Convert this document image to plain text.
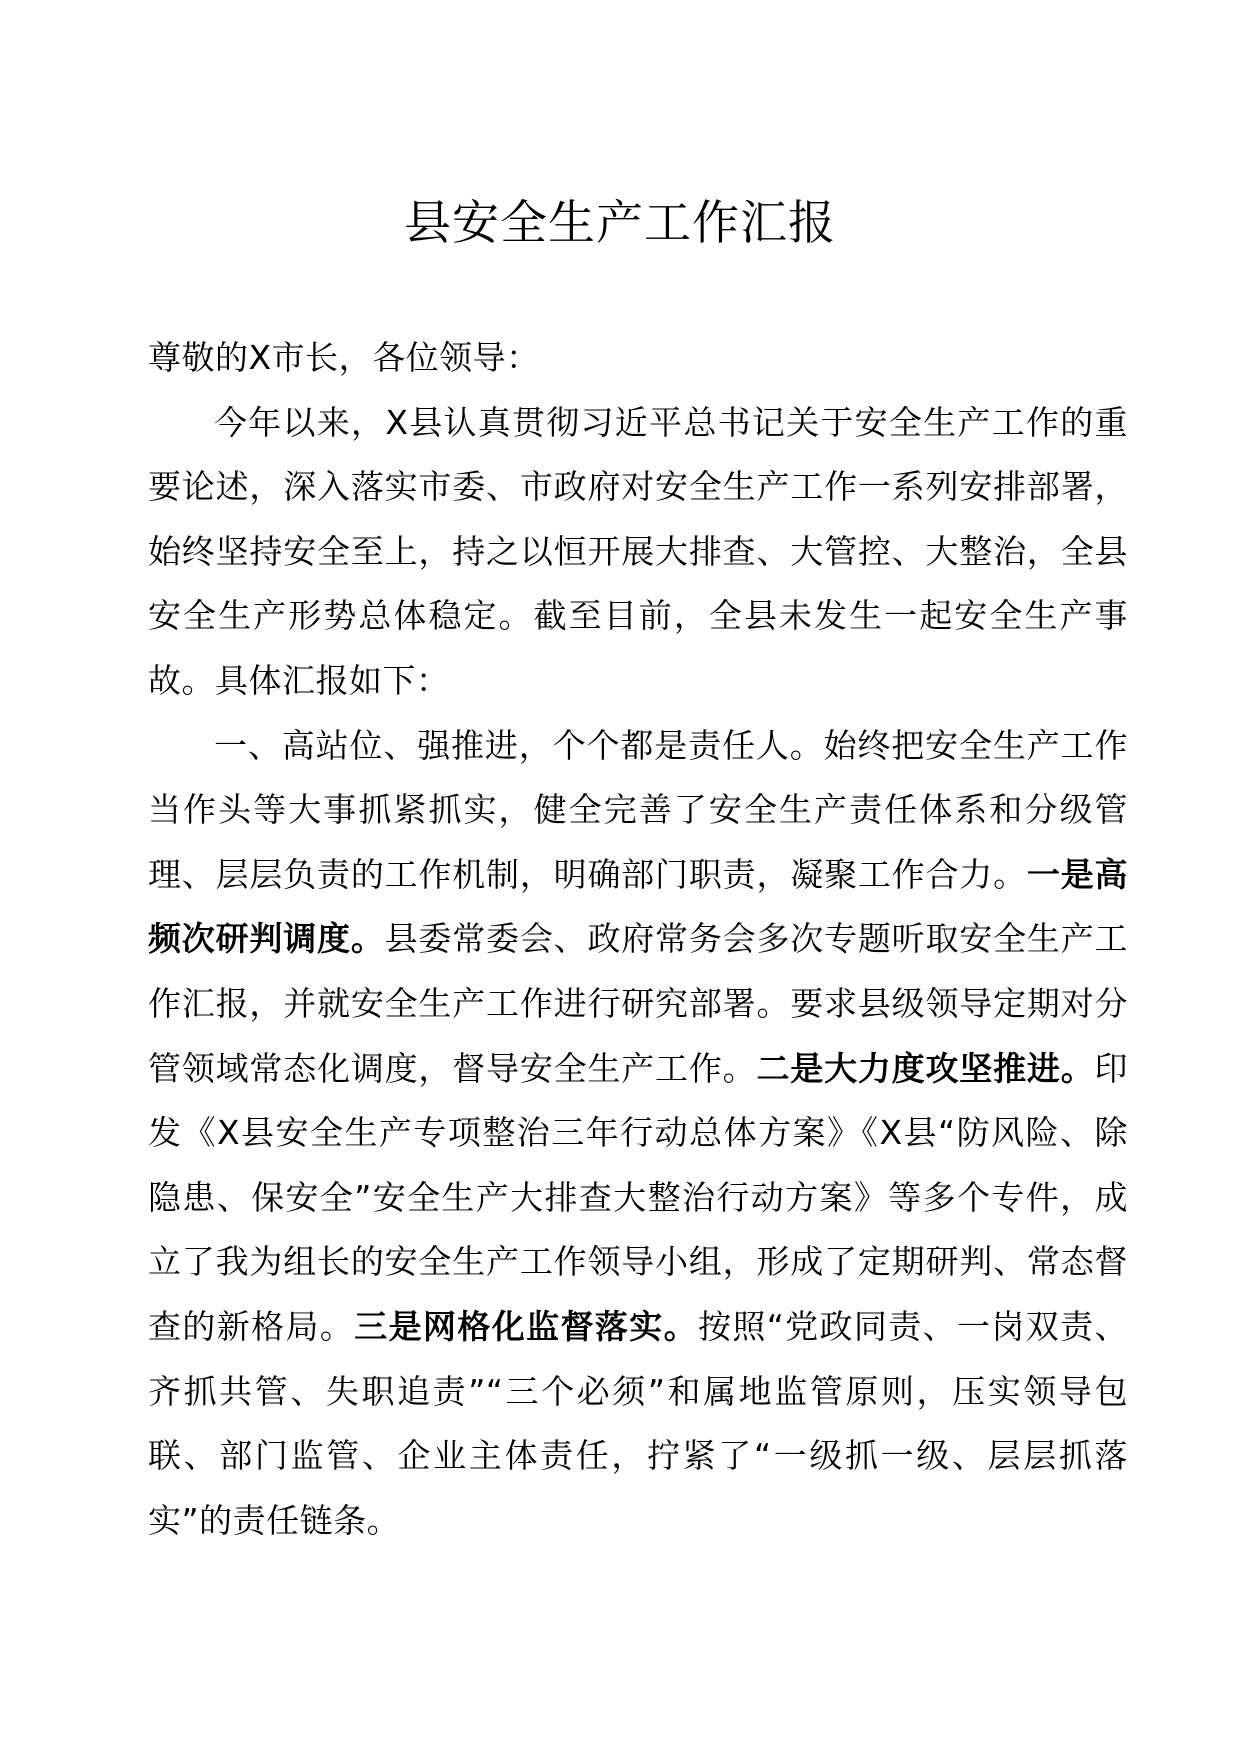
县安全生产工作汇报

尊敬的X市长，各位领导：

今年以来，X县认真贯彻习近平总书记关于安全生产工作的重要论述，深入落实市委、市政府对安全生产工作一系列安排部署，始终坚持安全至上，持之以恒开展大排查、大管控、大整治，全县安全生产形势总体稳定。截至目前，全县未发生一起安全生产事故。具体汇报如下：

一、高站位、强推进，个个都是责任人。始终把安全生产工作当作头等大事抓紧抓实，健全完善了安全生产责任体系和分级管理、层层负责的工作机制，明确部门职责，凝聚工作合力。一是高频次研判调度。县委常委会、政府常务会多次专题听取安全生产工作汇报，并就安全生产工作进行研究部署。要求县级领导定期对分管领域常态化调度，督导安全生产工作。二是大力度攻坚推进。印发《X县安全生产专项整治三年行动总体方案》《X县“防风险、除隐患、保安全”安全生产大排查大整治行动方案》等多个专件，成立了我为组长的安全生产工作领导小组，形成了定期研判、常态督查的新格局。三是网格化监督落实。按照“党政同责、一岗双责、齐抓共管、失职追责”“三个必须”和属地监管原则，压实领导包联、部门监管、企业主体责任，拧紧了“一级抓一级、层层抓落实”的责任链条。
